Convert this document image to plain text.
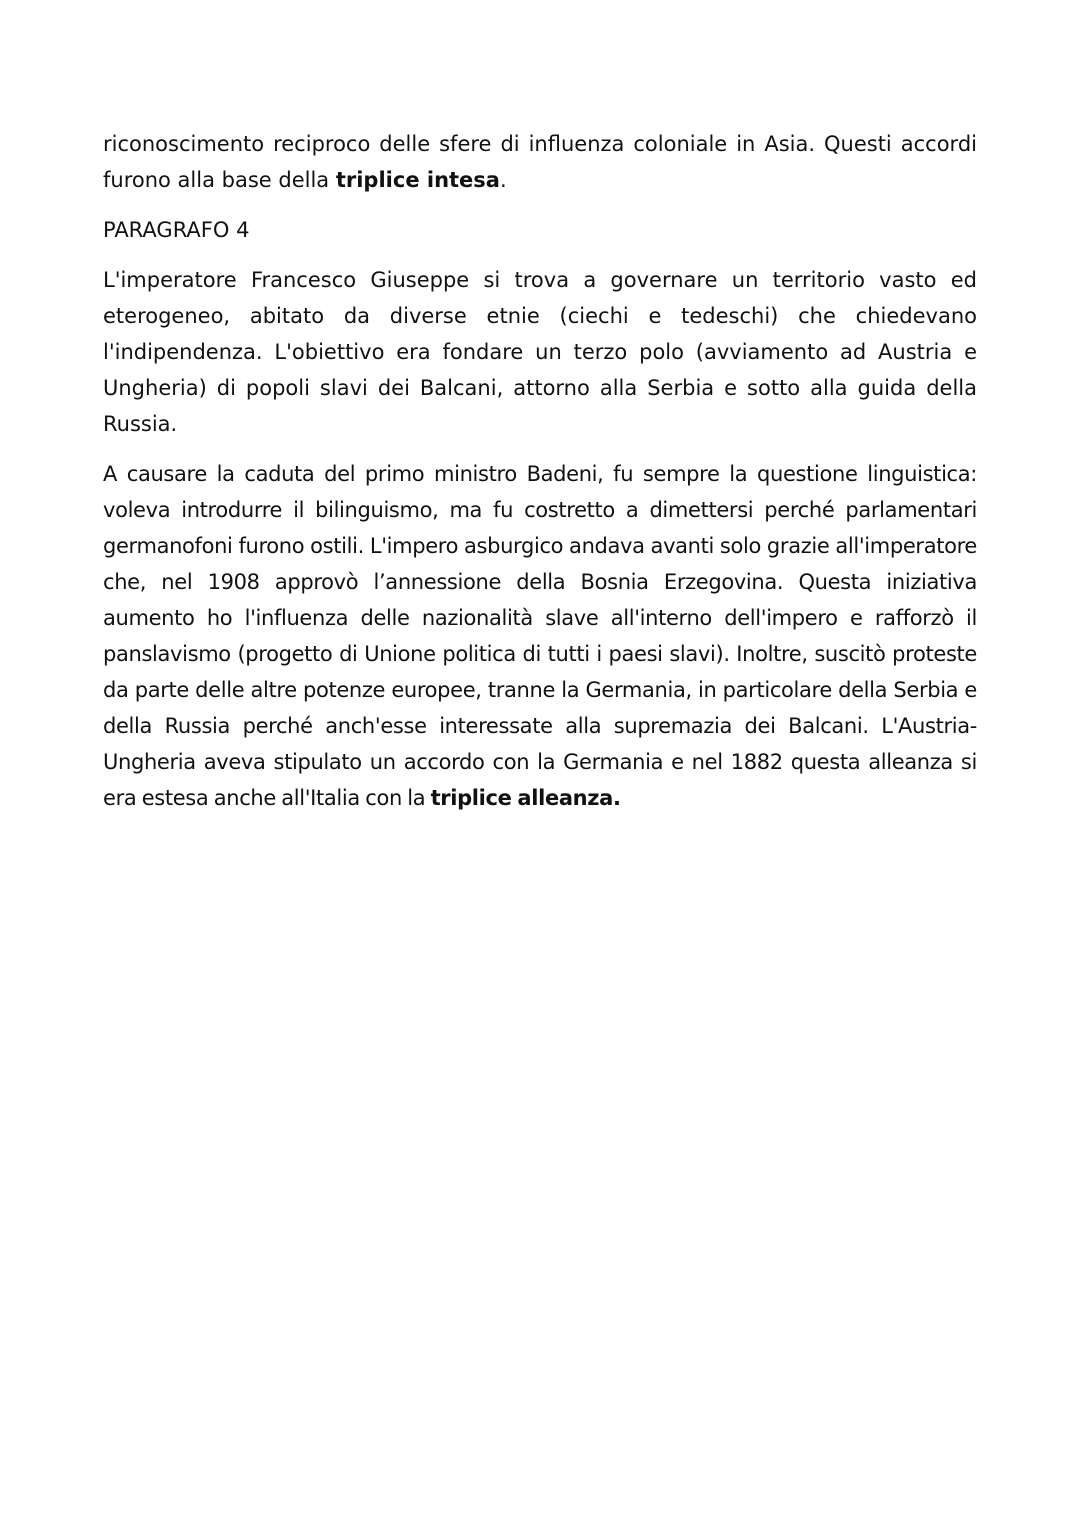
riconoscimento reciproco delle sfere di influenza coloniale in Asia. Questi accordi furono alla base della triplice intesa.

PARAGRAFO 4

L'imperatore Francesco Giuseppe si trova a governare un territorio vasto ed eterogeneo, abitato da diverse etnie (ciechi e tedeschi) che chiedevano l'indipendenza. L'obiettivo era fondare un terzo polo (avviamento ad Austria e Ungheria) di popoli slavi dei Balcani, attorno alla Serbia e sotto alla guida della Russia.

A causare la caduta del primo ministro Badeni, fu sempre la questione linguistica: voleva introdurre il bilinguismo, ma fu costretto a dimettersi perché parlamentari germanofoni furono ostili. L'impero asburgico andava avanti solo grazie all'imperatore che, nel 1908 approvò l’annessione della Bosnia Erzegovina. Questa iniziativa aumento ho l'influenza delle nazionalità slave all'interno dell'impero e rafforzò il panslavismo (progetto di Unione politica di tutti i paesi slavi). Inoltre, suscitò proteste da parte delle altre potenze europee, tranne la Germania, in particolare della Serbia e della Russia perché anch'esse interessate alla supremazia dei Balcani. L'Austria-Ungheria aveva stipulato un accordo con la Germania e nel 1882 questa alleanza si era estesa anche all'Italia con la triplice alleanza.
